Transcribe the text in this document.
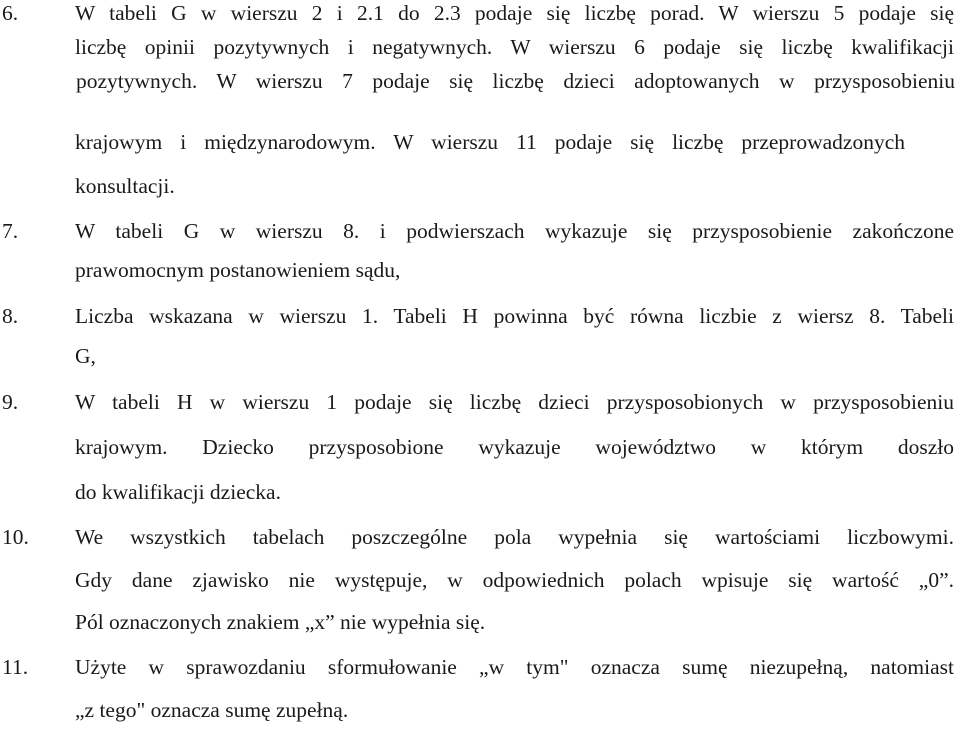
6.	W tabeli G w wierszu 2 i 2.1 do 2.3 podaje się liczbę porad. W wierszu 5 podaje się
liczbę opinii pozytywnych i negatywnych. W wierszu 6 podaje się liczbę kwalifikacji
pozytywnych. W wierszu 7 podaje się liczbę dzieci adoptowanych w przysposobieniu
krajowym i międzynarodowym. W wierszu 11 podaje się liczbę przeprowadzonych
konsultacji.
7.	W tabeli G w wierszu 8. i podwierszach wykazuje się przysposobienie zakończone
prawomocnym postanowieniem sądu,
8.	Liczba wskazana w wierszu 1. Tabeli H powinna być równa liczbie z wiersz 8. Tabeli
G,
9.	W tabeli H w wierszu 1 podaje się liczbę dzieci przysposobionych w przysposobieniu
krajowym. Dziecko przysposobione wykazuje województwo w którym doszło
do kwalifikacji dziecka.
10. We wszystkich tabelach poszczególne pola wypełnia się wartościami liczbowymi.
Gdy dane zjawisko nie występuje, w odpowiednich polach wpisuje się wartość „0”.
Pól oznaczonych znakiem „x” nie wypełnia się.
11. Użyte w sprawozdaniu sformułowanie „w tym" oznacza sumę niezupełną, natomiast
„z tego" oznacza sumę zupełną.
